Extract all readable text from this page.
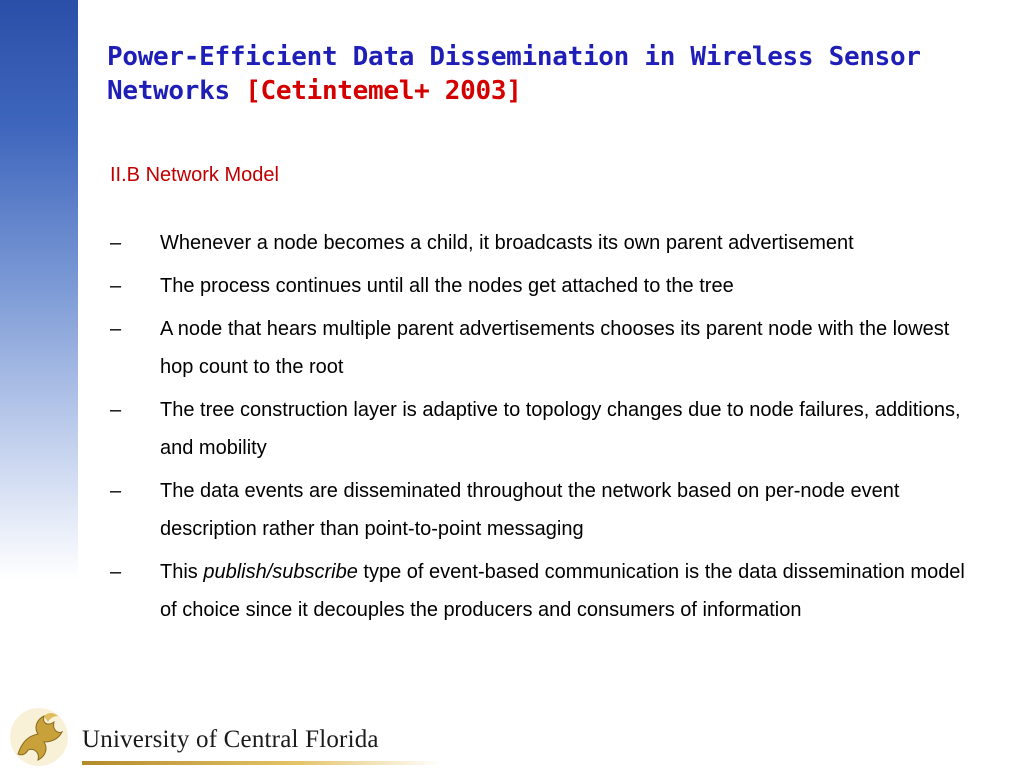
Power-Efficient Data Dissemination in Wireless Sensor Networks [Cetintemel+ 2003]
II.B Network Model
–	Whenever a node becomes a child, it broadcasts its own parent advertisement
–	The process continues until all the nodes get attached to the tree
–	A node that hears multiple parent advertisements chooses its parent node with the lowest hop count to the root
–	The tree construction layer is adaptive to topology changes due to node failures, additions, and mobility
–	The data events are disseminated throughout the network based on per-node event description rather than point-to-point messaging
–	This publish/subscribe type of event-based communication is the data dissemination model of choice since it decouples the producers and consumers of information
University of Central Florida
